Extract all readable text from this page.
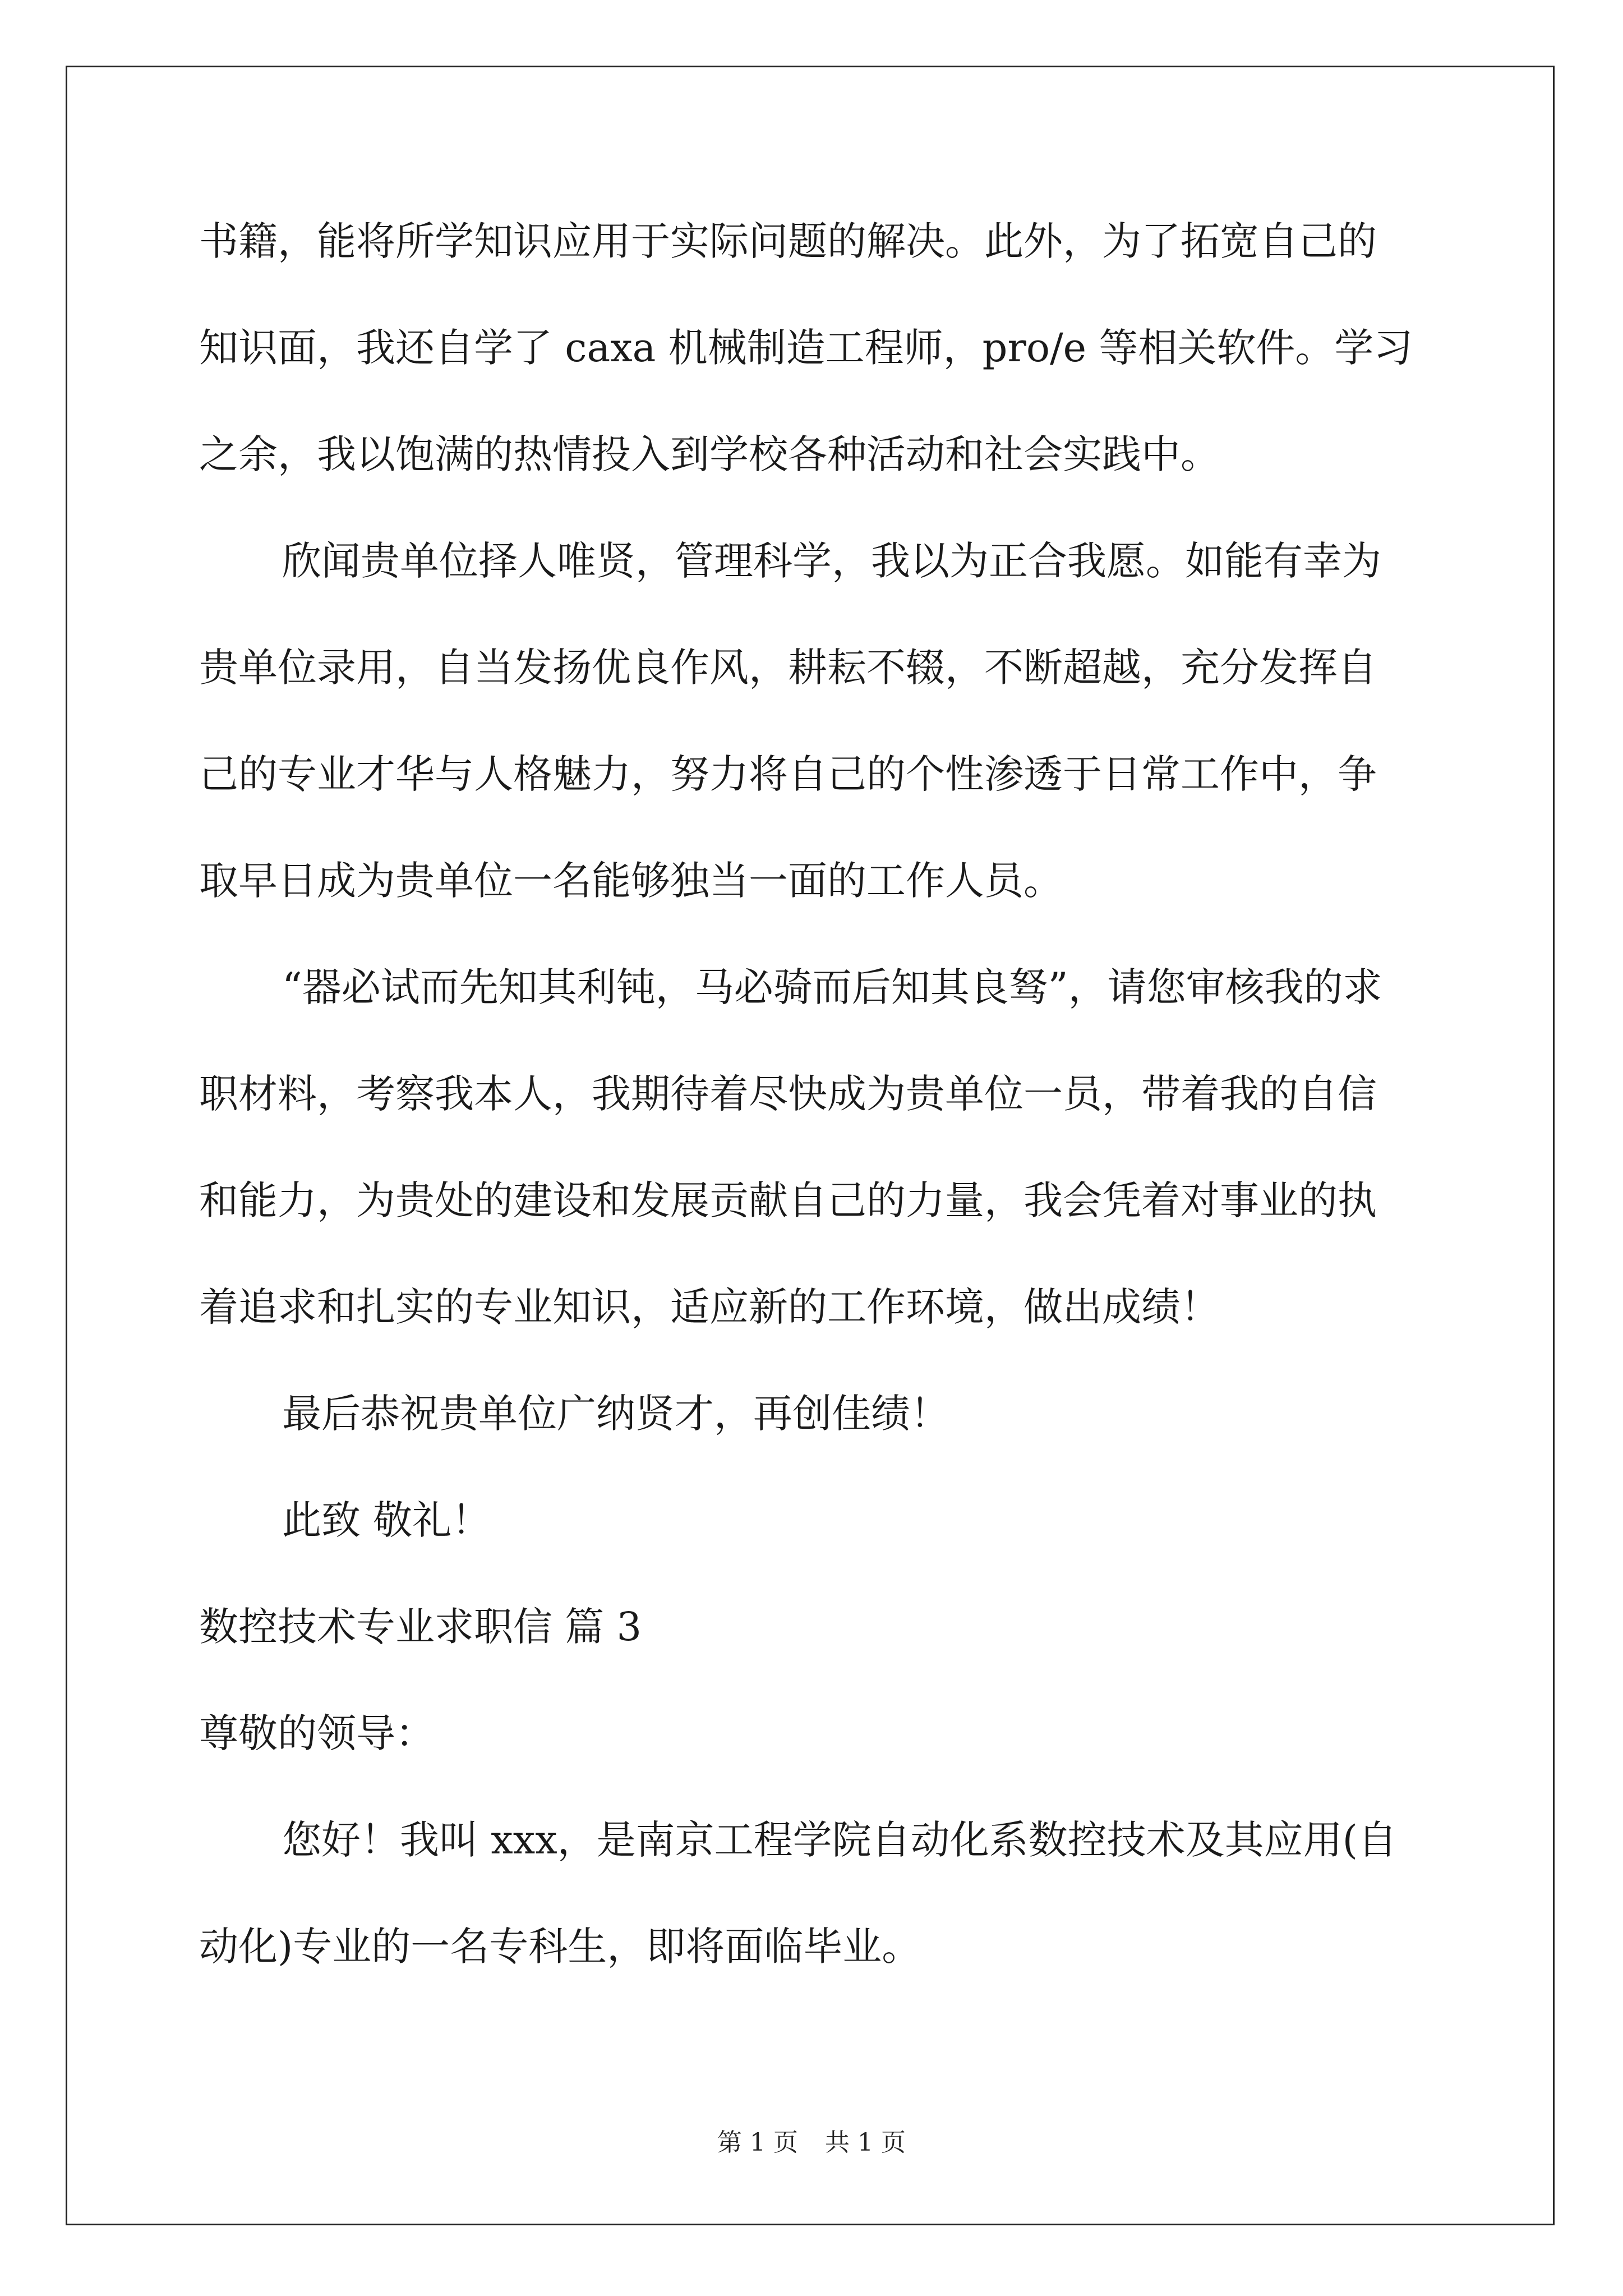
书籍，能将所学知识应用于实际问题的解决。此外，为了拓宽自己的
知识面，我还自学了 caxa 机械制造工程师，pro/e 等相关软件。学习
之余，我以饱满的热情投入到学校各种活动和社会实践中。
欣闻贵单位择人唯贤，管理科学，我以为正合我愿。如能有幸为
贵单位录用，自当发扬优良作风，耕耘不辍，不断超越，充分发挥自
己的专业才华与人格魅力，努力将自己的个性渗透于日常工作中，争
取早日成为贵单位一名能够独当一面的工作人员。
“器必试而先知其利钝，马必骑而后知其良驽”，请您审核我的求
职材料，考察我本人，我期待着尽快成为贵单位一员，带着我的自信
和能力，为贵处的建设和发展贡献自己的力量，我会凭着对事业的执
着追求和扎实的专业知识，适应新的工作环境，做出成绩！
最后恭祝贵单位广纳贤才，再创佳绩！
此致 敬礼！
数控技术专业求职信 篇 3
尊敬的领导：
您好！我叫 xxx，是南京工程学院自动化系数控技术及其应用(自
动化)专业的一名专科生，即将面临毕业。
第 1 页 共 1 页
